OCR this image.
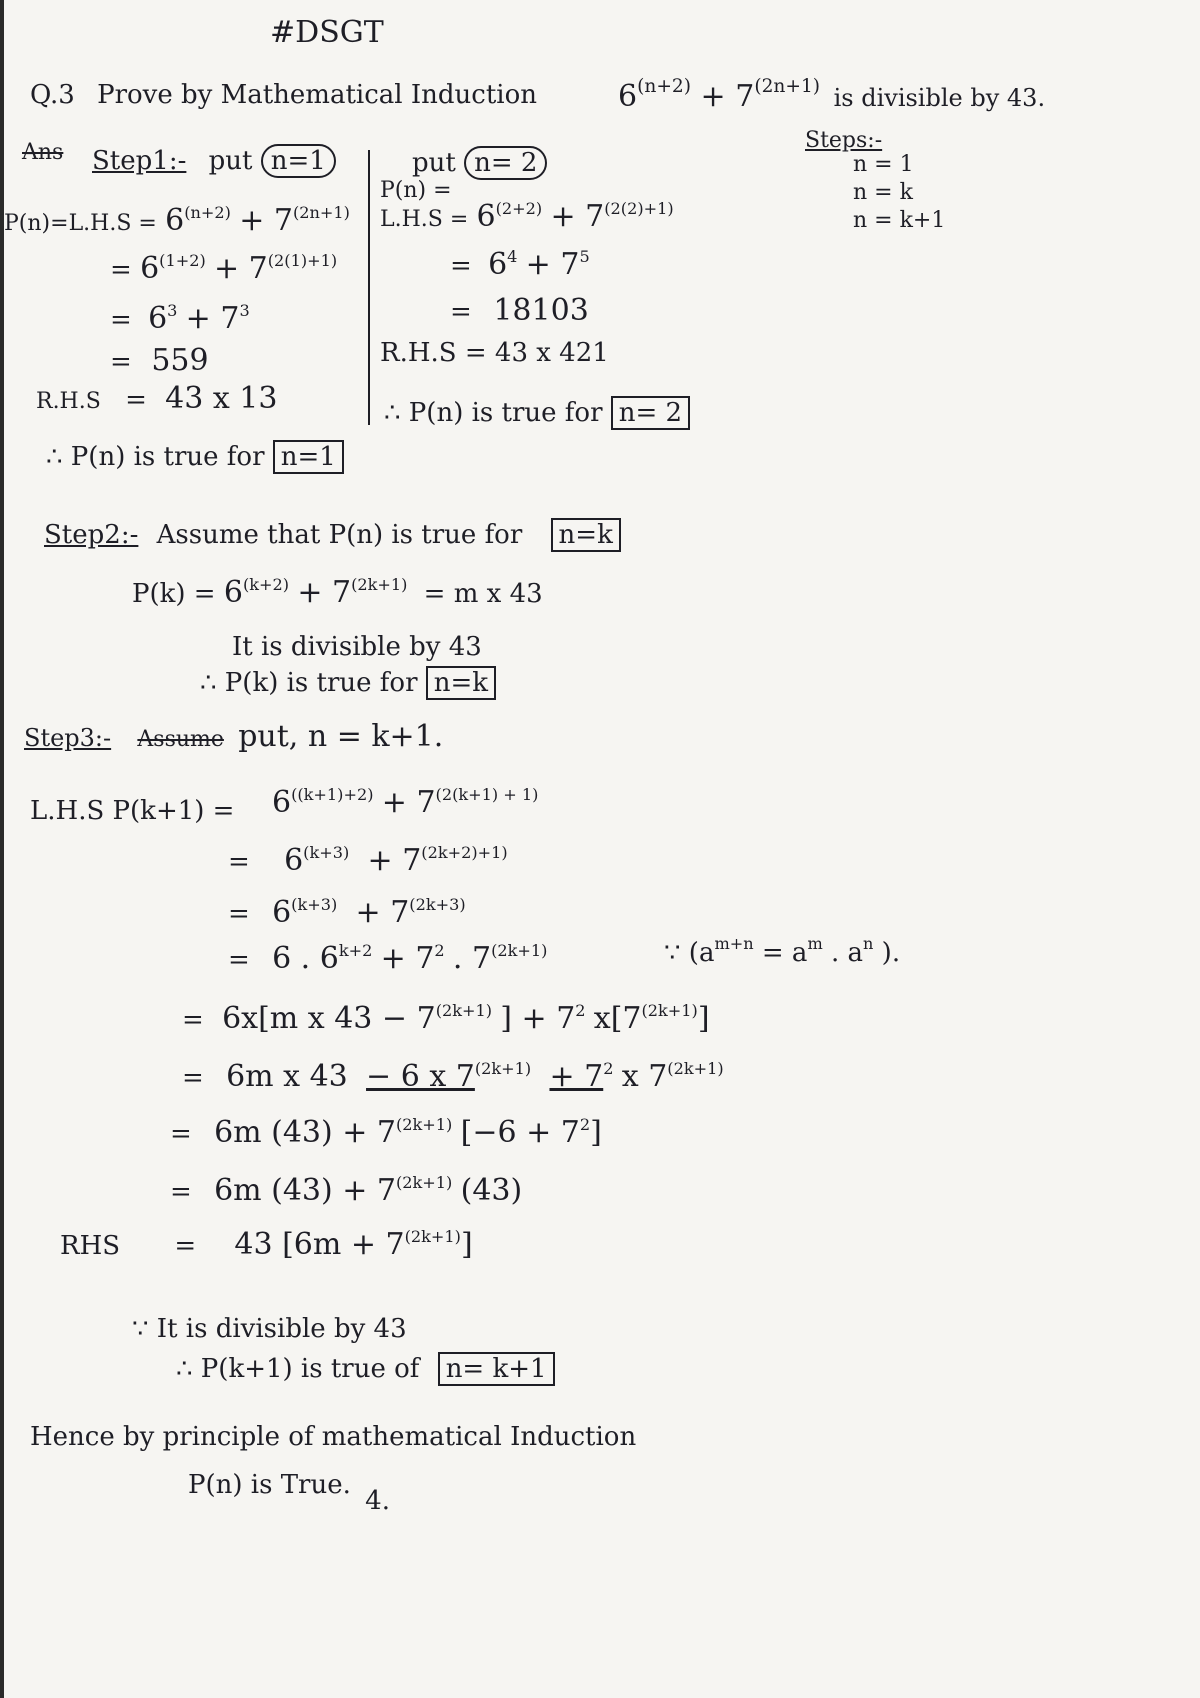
#DSGT
Q.3 Prove by Mathematical Induction	$6^{(n+2)} + 7^{(2n+1)}$ is divisible by 43.
Ans Step1:- put n=1
Steps:-
n = 1
n = k
n = k+1
$P(n)=L.H.S = 6^{(n+2)} + 7^{(2n+1)}$
= $6^{(1+2)} + 7^{(2(1)+1)}$
= $6^3 + 7^3$
= 559
R.H.S = 43 x 13
∴ P(n) is true for n=1
put n= 2
P(n) =
$L.H.S = 6^{(2+2)} + 7^{(2(2)+1)}$
= $6^4 + 7^5$
= 18103
R.H.S = 43 x 421
∴ P(n) is true for n= 2
Step2:- Assume that P(n) is true for n=k
$P(k) = 6^{(k+2)} + 7^{(2k+1)} = m$ x 43
It is divisible by 43
∴ P(k) is true for n=k
Step3:- Assume put, n = k+1.
L.H.S $P(k+1) = 6^{((k+1)+2)} + 7^{(2(k+1) + 1)}$
= $6^{(k+3)} + 7^{(2k+2)+1)}$
= $6^{(k+3)} + 7^{(2k+3)}$
= 6 . $6^{k+2} + 7^2$ . $7^{(2k+1)}$	∵ ($a^{m+n} = a^m$ . $a^n$ ).
= 6x[m x $43 - 7^{(2k+1)}$ ] + $7^2$ $x[7^{(2k+1)}]$
= 6m x 43 − 6 x $7^{(2k+1)} + 7^2$ x $7^{(2k+1)}$
= 6m $(43) + 7^{(2k+1)}$ $[-6 + 7^2]$
= 6m $(43) + 7^{(2k+1)}$ (43)
RHS = 43 $[6m + 7^{(2k+1)}]$
∵ It is divisible by 43
∴ P(k+1) is true of n= k+1
Hence by principle of mathematical Induction
P(n) is True. 4.
